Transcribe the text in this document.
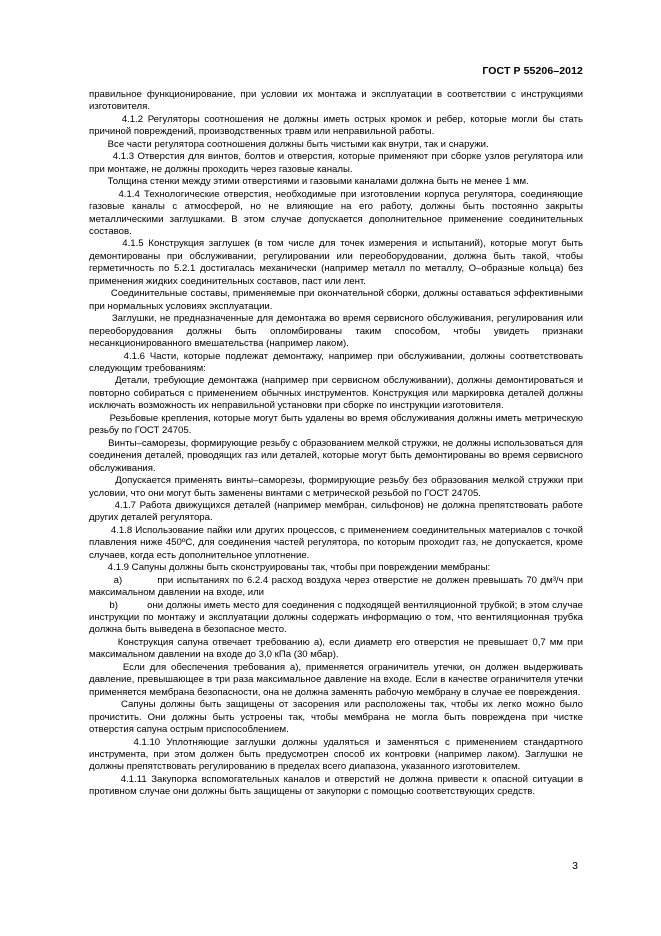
ГОСТ Р 55206–2012

правильное функционирование, при условии их монтажа и эксплуатации в соответствии с инструкциями изготовителя.

4.1.2 Регуляторы соотношения не должны иметь острых кромок и ребер, которые могли бы стать причиной повреждений, производственных травм или неправильной работы.

Все части регулятора соотношения должны быть чистыми как внутри, так и снаружи.

4.1.3 Отверстия для винтов, болтов и отверстия, которые применяют при сборке узлов регулятора или при монтаже, не должны проходить через газовые каналы.

Толщина стенки между этими отверстиями и газовыми каналами должна быть не менее 1 мм.

4.1.4 Технологические отверстия, необходимые при изготовлении корпуса регулятора, соединяющие газовые каналы с атмосферой, но не влияющие на его работу, должны быть постоянно закрыты металлическими заглушками. В этом случае допускается дополнительное применение соединительных составов.

4.1.5 Конструкция заглушек (в том числе для точек измерения и испытаний), которые могут быть демонтированы при обслуживании, регулировании или переоборудовании, должна быть такой, чтобы герметичность по 5.2.1 достигалась механически (например металл по металлу, О–образные кольца) без применения жидких соединительных составов, паст или лент.

Соединительные составы, применяемые при окончательной сборки, должны оставаться эффективными при нормальных условиях эксплуатации.

Заглушки, не предназначенные для демонтажа во время сервисного обслуживания, регулирования или переоборудования должны быть опломбированы таким способом, чтобы увидеть признаки несанкционированного вмешательства (например лаком).

4.1.6 Части, которые подлежат демонтажу, например при обслуживании, должны соответствовать следующим требованиям:

Детали, требующие демонтажа (например при сервисном обслуживании), должны демонтироваться и повторно собираться с применением обычных инструментов. Конструкция или маркировка деталей должны исключать возможность их неправильной установки при сборке по инструкции изготовителя.

Резьбовые крепления, которые могут быть удалены во время обслуживания должны иметь метрическую резьбу по ГОСТ 24705.

Винты–саморезы, формирующие резьбу с образованием мелкой стружки, не должны использоваться для соединения деталей, проводящих газ или деталей, которые могут быть демонтированы во время сервисного обслуживания.

Допускается применять винты–саморезы, формирующие резьбу без образования мелкой стружки при условии, что они могут быть заменены винтами с метрической резьбой по ГОСТ 24705.

4.1.7 Работа движущихся деталей (например мембран, сильфонов) не должна препятствовать работе других деталей регулятора.

4.1.8 Использование пайки или других процессов, с применением соединительных материалов с точкой плавления ниже 450ºС, для соединения частей регулятора, по которым проходит газ, не допускается, кроме случаев, когда есть дополнительное уплотнение.

4.1.9 Сапуны должны быть сконструированы так, чтобы при повреждении мембраны:

a)          при испытаниях по 6.2.4 расход воздуха через отверстие не должен превышать 70 дм³/ч при максимальном давлении на входе, или

b)          они должны иметь место для соединения с подходящей вентиляционной трубкой; в этом случае инструкции по монтажу и эксплуатации должны содержать информацию о том, что вентиляционная трубка должна быть выведена в безопасное место.

Конструкция сапуна отвечает требованию а), если диаметр его отверстия не превышает 0,7 мм при максимальном давлении на входе до 3,0 кПа (30 мбар).

Если для обеспечения требования а), применяется ограничитель утечки, он должен выдерживать давление, превышающее в три раза максимальное давление на входе. Если в качестве ограничителя утечки применяется мембрана безопасности, она не должна заменять рабочую мембрану в случае ее повреждения.

Сапуны должны быть защищены от засорения или расположены так, чтобы их легко можно было прочистить. Они должны быть устроены так, чтобы мембрана не могла быть повреждена при чистке отверстия сапуна острым приспособлением.

4.1.10 Уплотняющие заглушки должны удаляться и заменяться с применением стандартного инструмента, при этом должен быть предусмотрен способ их контровки (например лаком). Заглушки не должны препятствовать регулированию в пределах всего диапазона, указанного изготовителем.

4.1.11 Закупорка вспомогательных каналов и отверстий не должна привести к опасной ситуации в противном случае они должны быть защищены от закупорки с помощью соответствующих средств.

3
